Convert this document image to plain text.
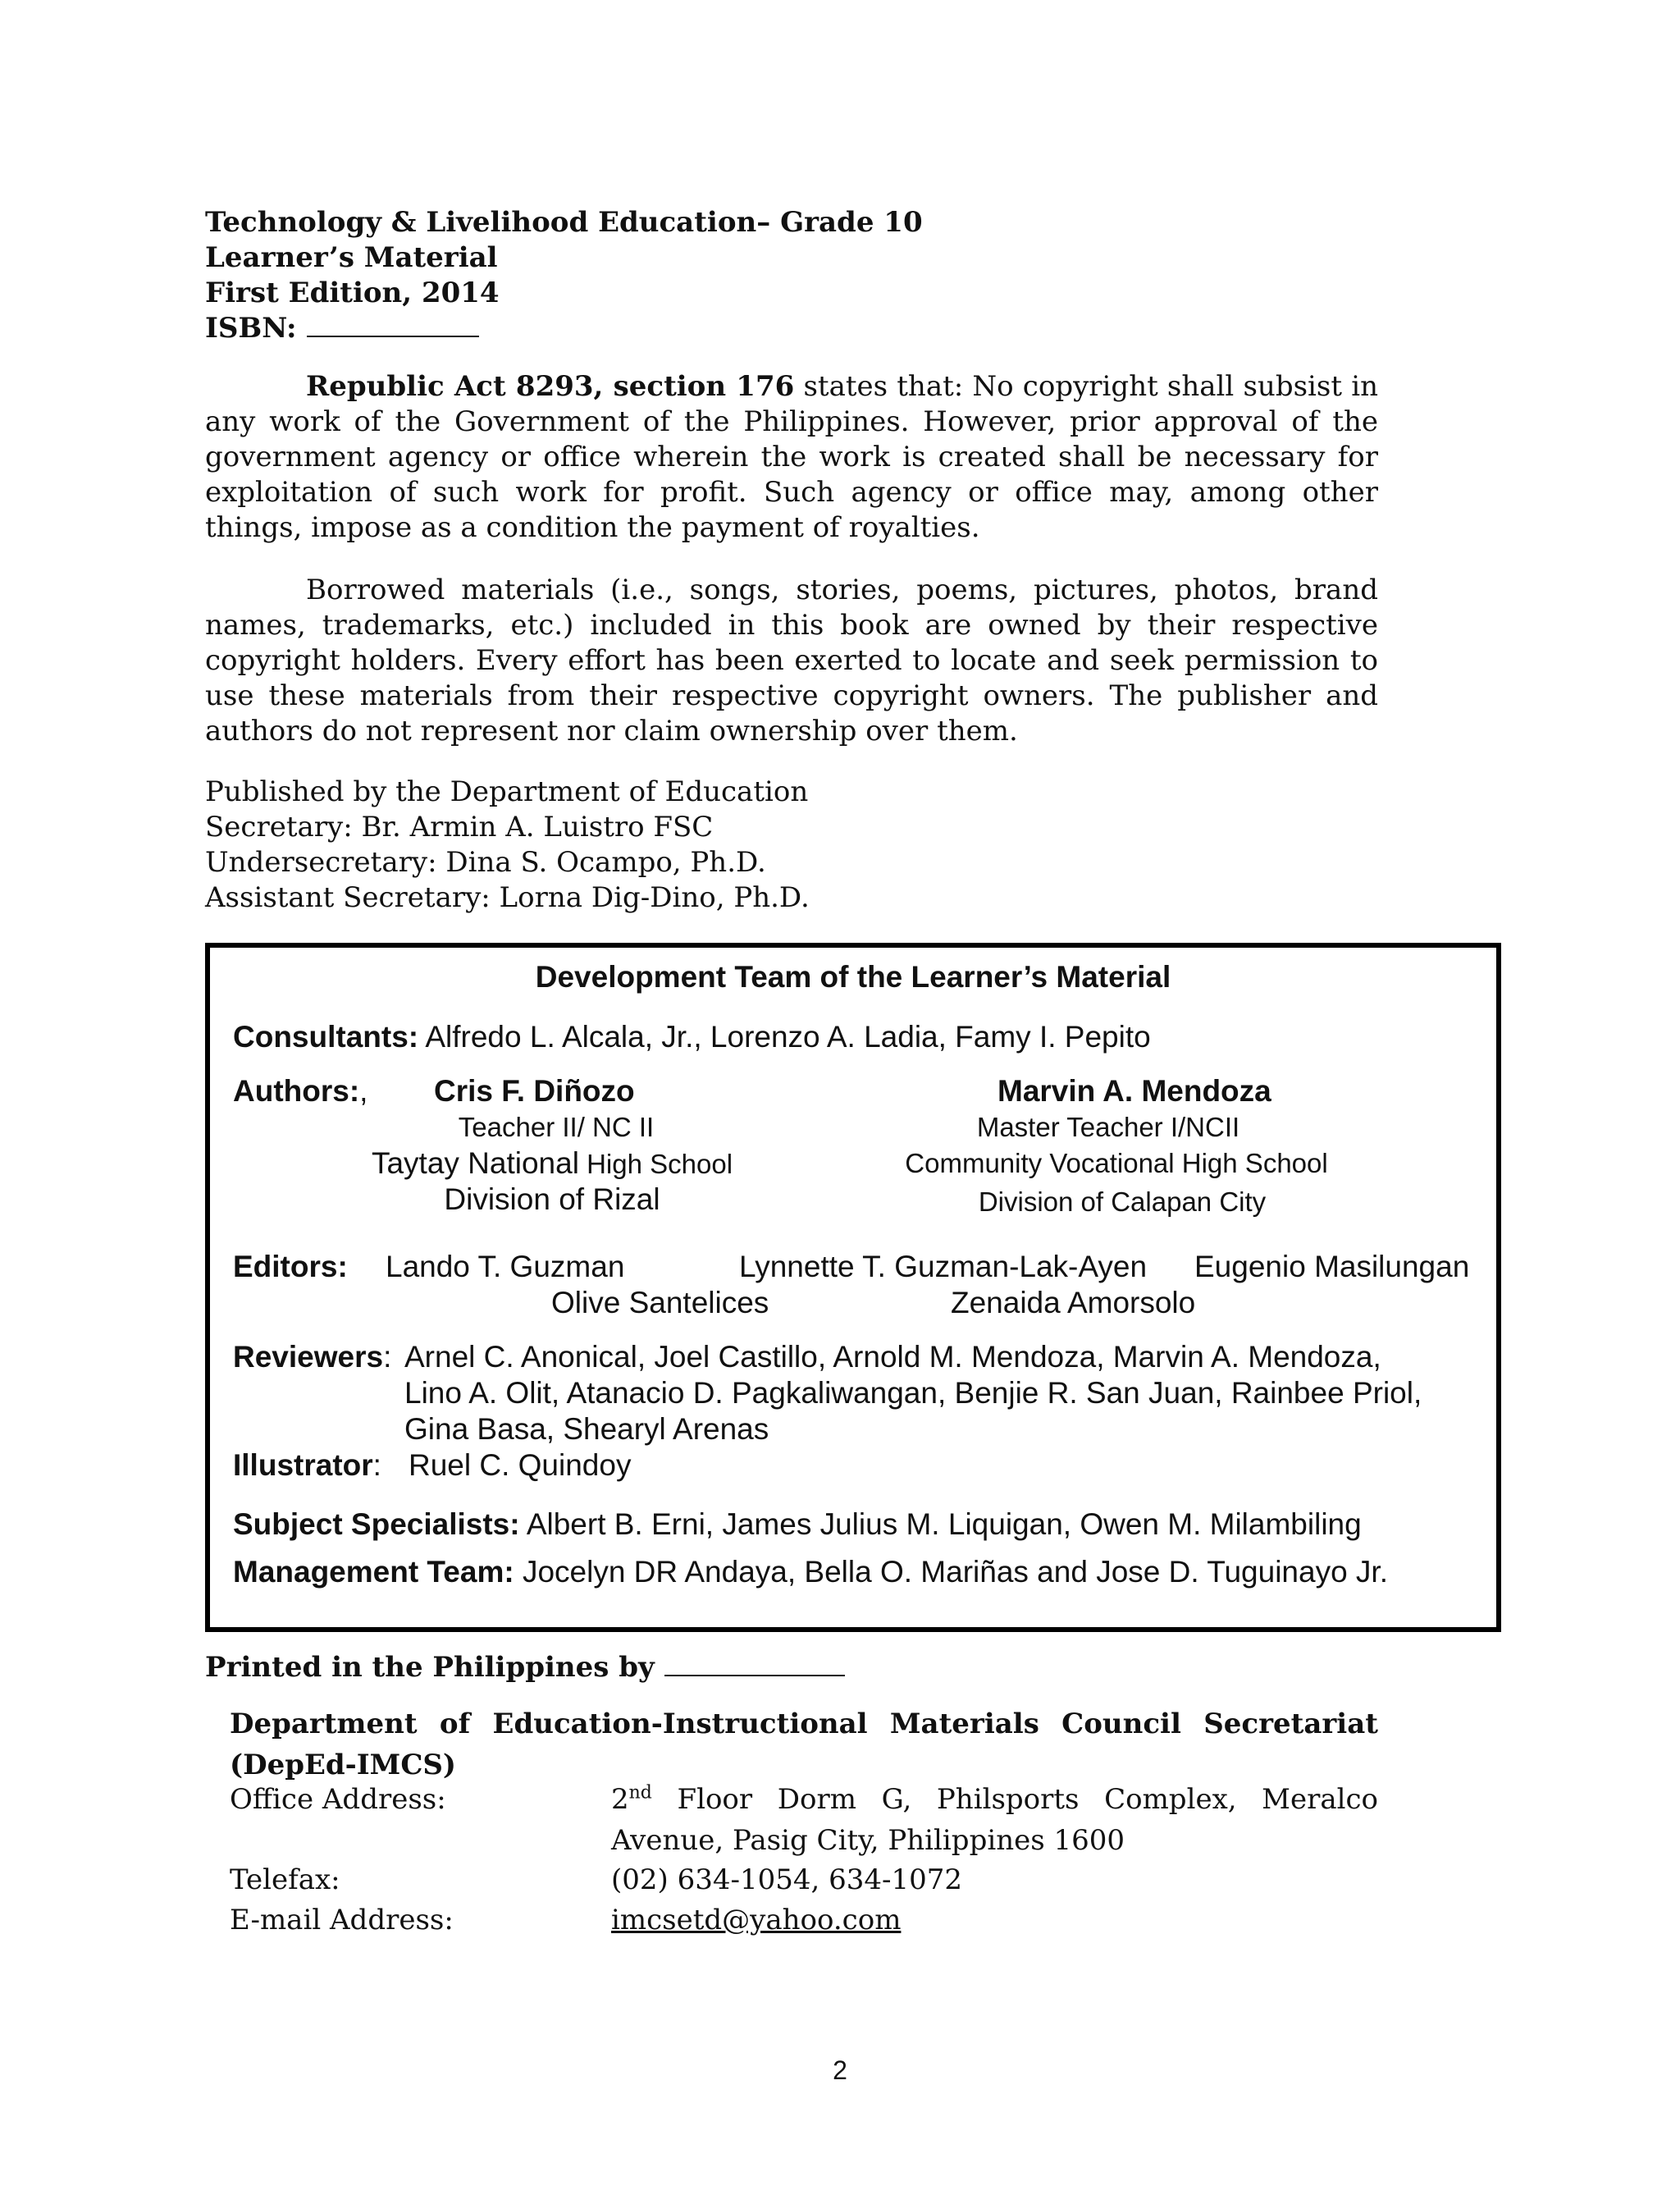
Technology & Livelihood Education– Grade 10
Learner’s Material
First Edition, 2014
ISBN:

Republic Act 8293, section 176 states that: No copyright shall subsist in any work of the Government of the Philippines. However, prior approval of the government agency or office wherein the work is created shall be necessary for exploitation of such work for profit. Such agency or office may, among other things, impose as a condition the payment of royalties.

Borrowed materials (i.e., songs, stories, poems, pictures, photos, brand names, trademarks, etc.) included in this book are owned by their respective copyright holders. Every effort has been exerted to locate and seek permission to use these materials from their respective copyright owners. The publisher and authors do not represent nor claim ownership over them.

Published by the Department of Education
Secretary: Br. Armin A. Luistro FSC
Undersecretary: Dina S. Ocampo, Ph.D.
Assistant Secretary: Lorna Dig-Dino, Ph.D.
Development Team of the Learner’s Material
Consultants: Alfredo L. Alcala, Jr., Lorenzo A. Ladia, Famy I. Pepito
Authors:, Cris F. Diñozo
Teacher II/ NC II
Taytay National High School
Division of Rizal
Marvin A. Mendoza
Master Teacher I/NCII
Community Vocational High School
Division of Calapan City
Editors: Lando T. Guzman	Lynnette T. Guzman-Lak-Ayen Eugenio Masilungan
Olive Santelices	Zenaida Amorsolo
Reviewers: Arnel C. Anonical, Joel Castillo, Arnold M. Mendoza, Marvin A. Mendoza,
Lino A. Olit, Atanacio D. Pagkaliwangan, Benjie R. San Juan, Rainbee Priol,
Gina Basa, Shearyl Arenas
Illustrator: Ruel C. Quindoy
Subject Specialists: Albert B. Erni, James Julius M. Liquigan, Owen M. Milambiling
Management Team: Jocelyn DR Andaya, Bella O. Mariñas and Jose D. Tuguinayo Jr.
Printed in the Philippines by
Department of Education-Instructional Materials Council Secretariat
(DepEd-IMCS)
Office Address:	2nd Floor Dorm G, Philsports Complex, Meralco Avenue, Pasig City, Philippines 1600
Telefax:	(02) 634-1054, 634-1072
E-mail Address:	imcsetd@yahoo.com
2
